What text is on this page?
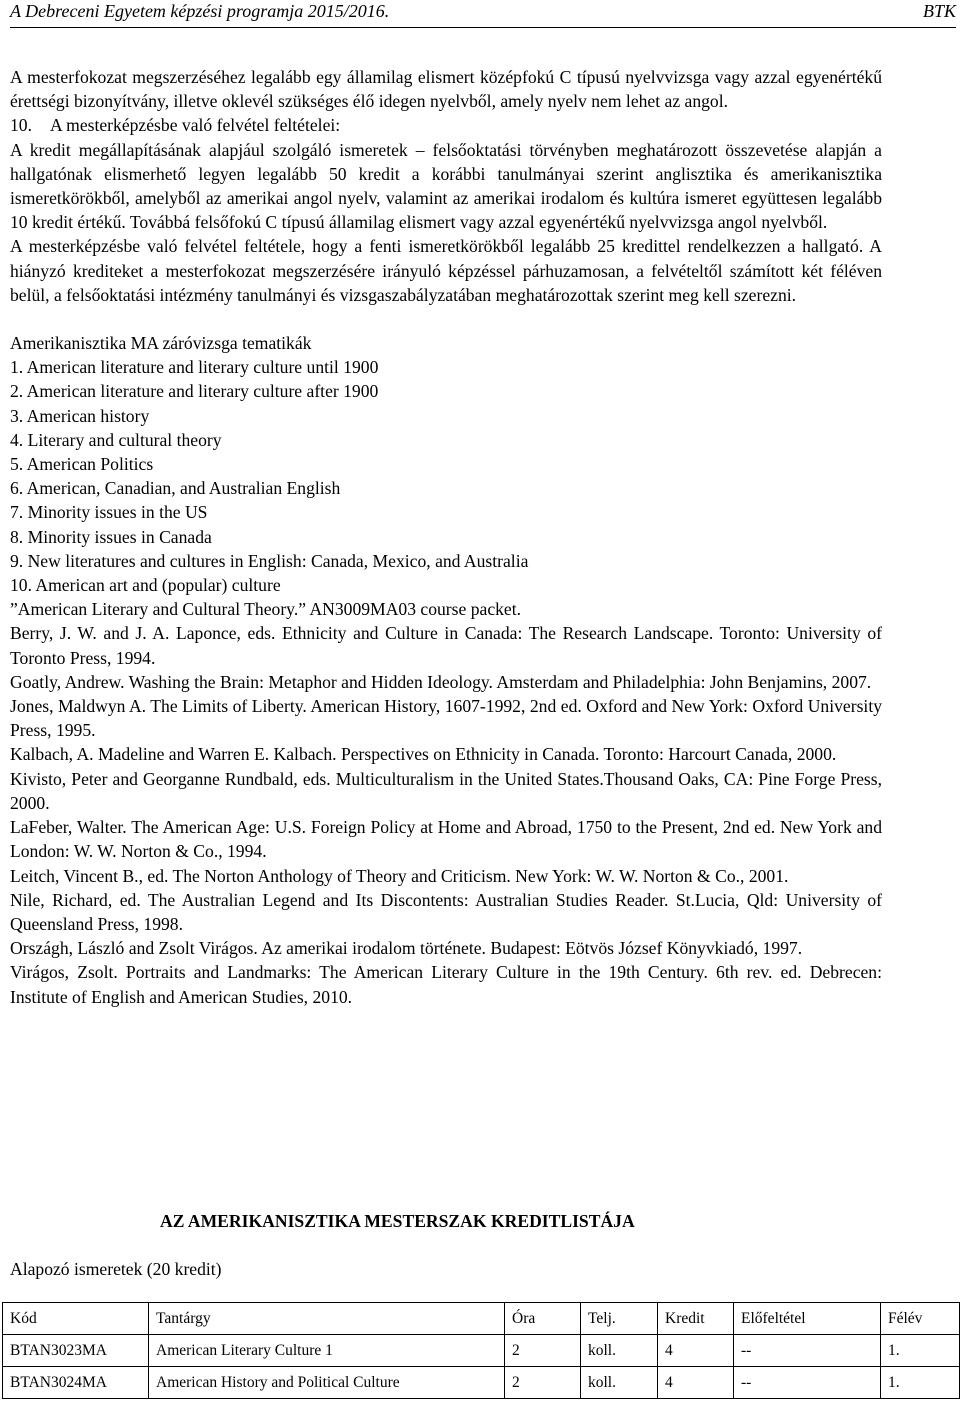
A Debreceni Egyetem képzési programja 2015/2016.	BTK

A mesterfokozat megszerzéséhez legalább egy államilag elismert középfokú C típusú nyelvvizsga vagy azzal egyenértékű érettségi bizonyítvány, illetve oklevél szükséges élő idegen nyelvből, amely nyelv nem lehet az angol.

10. A mesterképzésbe való felvétel feltételei:

A kredit megállapításának alapjául szolgáló ismeretek – felsőoktatási törvényben meghatározott összevetése alapján a hallgatónak elismerhető legyen legalább 50 kredit a korábbi tanulmányai szerint anglisztika és amerikanisztika ismeretkörökből, amelyből az amerikai angol nyelv, valamint az amerikai irodalom és kultúra ismeret együttesen legalább 10 kredit értékű. Továbbá felsőfokú C típusú államilag elismert vagy azzal egyenértékű nyelvvizsga angol nyelvből.

A mesterképzésbe való felvétel feltétele, hogy a fenti ismeretkörökből legalább 25 kredittel rendelkezzen a hallgató. A hiányzó krediteket a mesterfokozat megszerzésére irányuló képzéssel párhuzamosan, a felvételtől számított két féléven belül, a felsőoktatási intézmény tanulmányi és vizsgaszabályzatában meghatározottak szerint meg kell szerezni.

Amerikanisztika MA záróvizsga tematikák

1. American literature and literary culture until 1900

2. American literature and literary culture after 1900

3. American history

4. Literary and cultural theory

5. American Politics

6. American, Canadian, and Australian English

7. Minority issues in the US

8. Minority issues in Canada

9. New literatures and cultures in English: Canada, Mexico, and Australia

10. American art and (popular) culture

”American Literary and Cultural Theory.” AN3009MA03 course packet.

Berry, J. W. and J. A. Laponce, eds. Ethnicity and Culture in Canada: The Research Landscape. Toronto: University of Toronto Press, 1994.

Goatly, Andrew. Washing the Brain: Metaphor and Hidden Ideology. Amsterdam and Philadelphia: John Benjamins, 2007.

Jones, Maldwyn A. The Limits of Liberty. American History, 1607-1992, 2nd ed. Oxford and New York: Oxford University Press, 1995.

Kalbach, A. Madeline and Warren E. Kalbach. Perspectives on Ethnicity in Canada. Toronto: Harcourt Canada, 2000.

Kivisto, Peter and Georganne Rundbald, eds. Multiculturalism in the United States.Thousand Oaks, CA: Pine Forge Press, 2000.

LaFeber, Walter. The American Age: U.S. Foreign Policy at Home and Abroad, 1750 to the Present, 2nd ed. New York and London: W. W. Norton & Co., 1994.

Leitch, Vincent B., ed. The Norton Anthology of Theory and Criticism. New York: W. W. Norton & Co., 2001.

Nile, Richard, ed. The Australian Legend and Its Discontents: Australian Studies Reader. St.Lucia, Qld: University of Queensland Press, 1998.

Országh, László and Zsolt Virágos. Az amerikai irodalom története. Budapest: Eötvös József Könyvkiadó, 1997.

Virágos, Zsolt. Portraits and Landmarks: The American Literary Culture in the 19th Century. 6th rev. ed. Debrecen: Institute of English and American Studies, 2010.

AZ AMERIKANISZTIKA MESTERSZAK KREDITLISTÁJA
Alapozó ismeretek (20 kredit)
Kód	Tantárgy	Óra	Telj.	Kredit	Előfeltétel	Félév
BTAN3023MA	American Literary Culture 1	2	koll.	4	--	1.
BTAN3024MA	American History and Political Culture	2	koll.	4	--	1.
